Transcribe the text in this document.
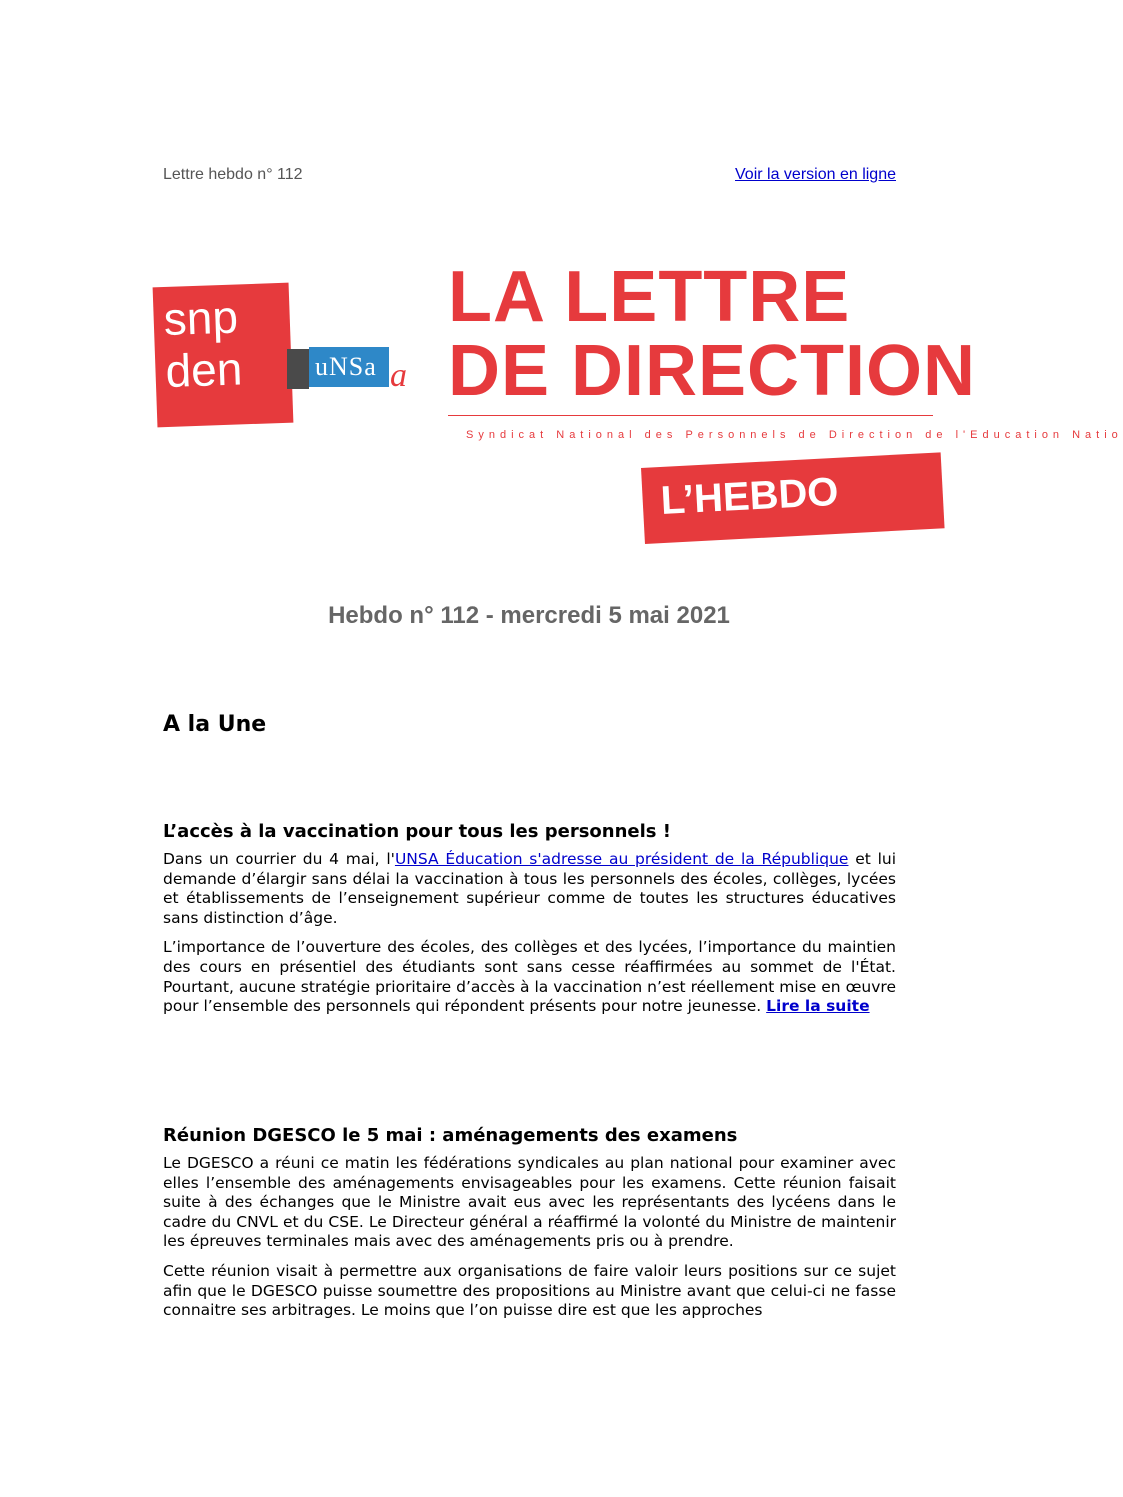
Lettre hebdo n° 112	Voir la version en ligne
snp den	uNSa a
LA LETTRE
DE DIRECTION
Syndicat National des Personnels de Direction de l'Education Natio
L’HEBDO
Hebdo n° 112 - mercredi 5 mai 2021
A la Une
L’accès à la vaccination pour tous les personnels !

Dans un courrier du 4 mai, l'UNSA Éducation s'adresse au président de la République et lui demande d’élargir sans délai la vaccination à tous les personnels des écoles, collèges, lycées et établissements de l’enseignement supérieur comme de toutes les structures éducatives sans distinction d’âge.

L’importance de l’ouverture des écoles, des collèges et des lycées, l’importance du maintien des cours en présentiel des étudiants sont sans cesse réaffirmées au sommet de l'État. Pourtant, aucune stratégie prioritaire d’accès à la vaccination n’est réellement mise en œuvre pour l’ensemble des personnels qui répondent présents pour notre jeunesse. Lire la suite

Réunion DGESCO le 5 mai : aménagements des examens

Le DGESCO a réuni ce matin les fédérations syndicales au plan national pour examiner avec elles l’ensemble des aménagements envisageables pour les examens. Cette réunion faisait suite à des échanges que le Ministre avait eus avec les représentants des lycéens dans le cadre du CNVL et du CSE. Le Directeur général a réaffirmé la volonté du Ministre de maintenir les épreuves terminales mais avec des aménagements pris ou à prendre.

Cette réunion visait à permettre aux organisations de faire valoir leurs positions sur ce sujet afin que le DGESCO puisse soumettre des propositions au Ministre avant que celui-ci ne fasse connaitre ses arbitrages. Le moins que l’on puisse dire est que les approches
